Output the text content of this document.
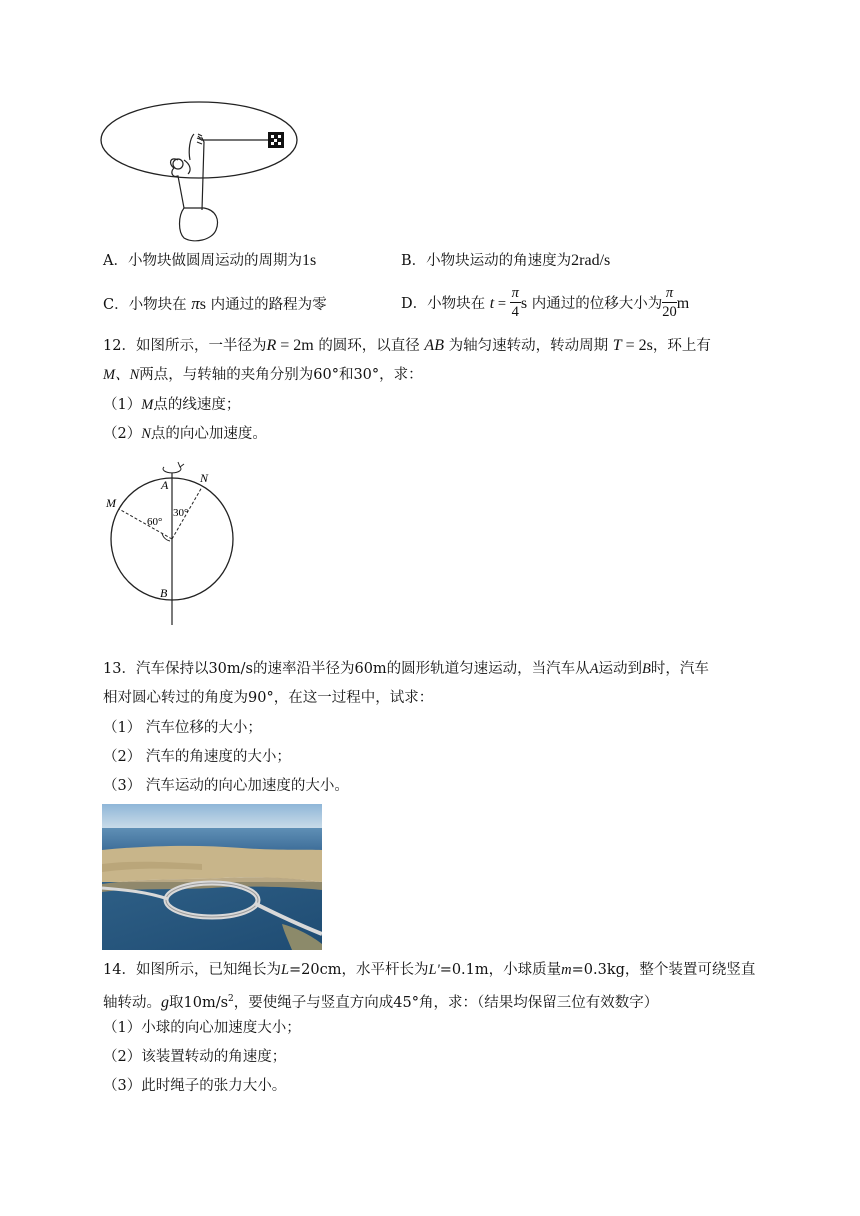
A．小物块做圆周运动的周期为1s	B．小物块运动的角速度为2rad/s
C．小物块在 πs 内通过的路程为零	D．小物块在 $t = \frac{\pi}{4}$ s 内通过的位移大小为 $\frac{\pi}{20}$ m
12．如图所示，一半径为R = 2m 的圆环，以直径 AB 为轴匀速转动，转动周期 T = 2s，环上有
M、N两点，与转轴的夹角分别为60°和30°，求：
（1）M点的线速度；
（2）N点的向心加速度。
A
B
M
N
60°
30°
13．汽车保持以30m/s的速率沿半径为60m的圆形轨道匀速运动，当汽车从A运动到B时，汽车
相对圆心转过的角度为90°，在这一过程中，试求：
（1） 汽车位移的大小；
（2） 汽车的角速度的大小；
（3） 汽车运动的向心加速度的大小。
14．如图所示，已知绳长为L=20cm，水平杆长为L'=0.1m，小球质量m=0.3kg，整个装置可绕竖直
轴转动。g取$10m/s^2$，要使绳子与竖直方向成45°角，求：（结果均保留三位有效数字）
（1）小球的向心加速度大小；
（2）该装置转动的角速度；
（3）此时绳子的张力大小。
